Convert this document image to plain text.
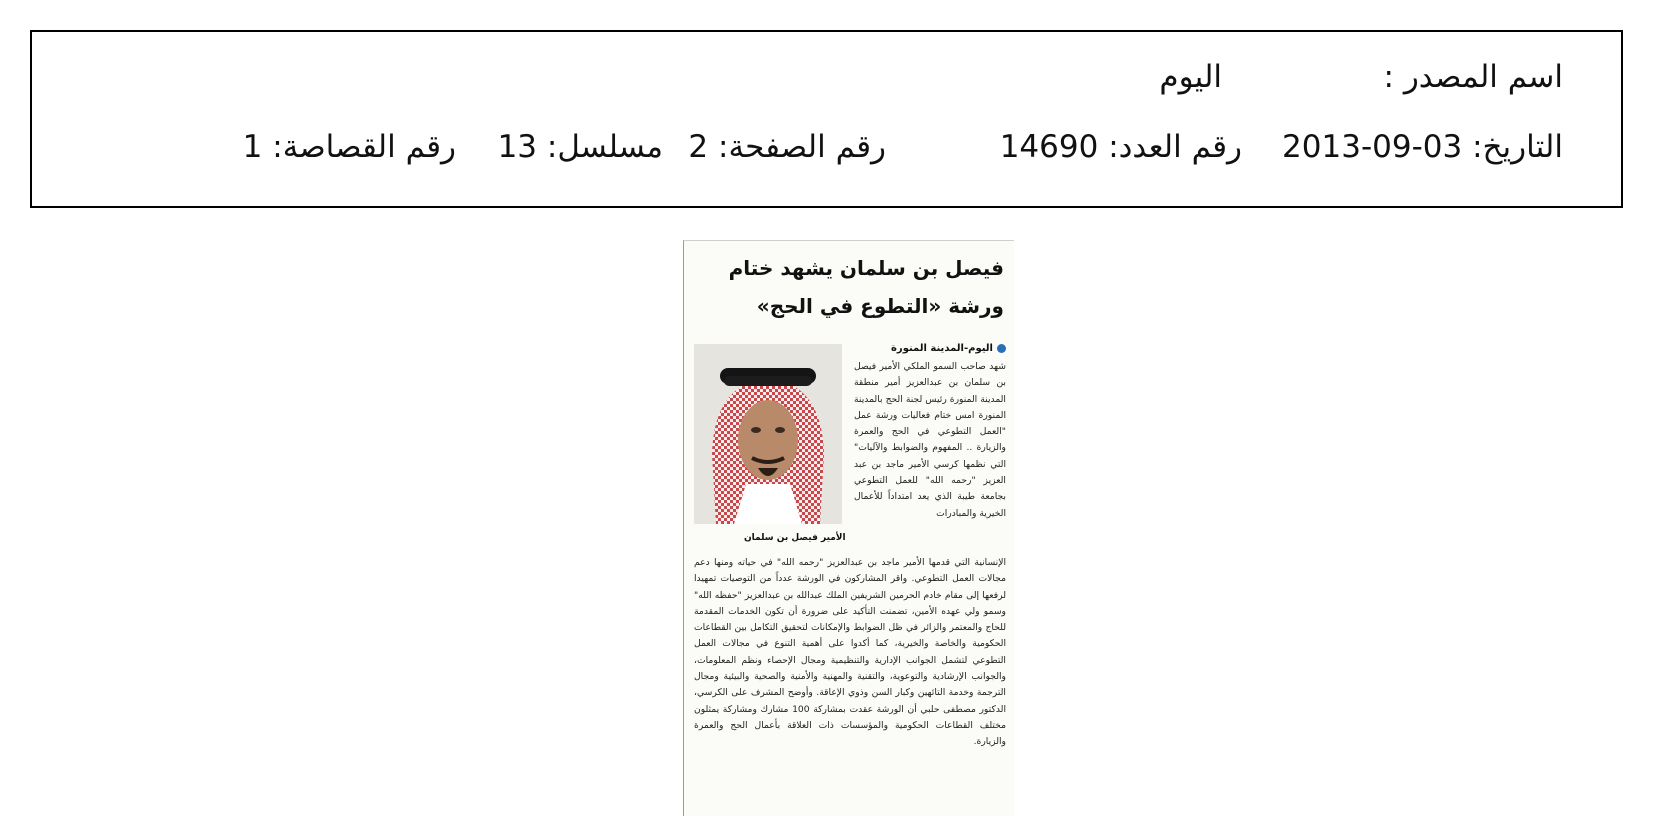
اسم المصدر :
اليوم
التاريخ: 2013-09-03
رقم العدد: 14690
رقم الصفحة: 2
مسلسل: 13
رقم القصاصة: 1
فيصل بن سلمان يشهد ختام ورشة «التطوع في الحج»
اليوم-المدينة المنورة
الأمير فيصل بن سلمان
شهد صاحب السمو الملكي الأمير فيصل بن سلمان بن عبدالعزيز أمير منطقة المدينة المنورة رئيس لجنة الحج بالمدينة المنورة امس ختام فعاليات ورشة عمل "العمل التطوعي في الحج والعمرة والزيارة .. المفهوم والضوابط والآليات" التي نظمها كرسي الأمير ماجد بن عبد العزيز "رحمه الله" للعمل التطوعي بجامعة طيبة الذي يعد امتداداً للأعمال الخيرية والمبادرات
الإنسانية التي قدمها الأمير ماجد بن عبدالعزيز "رحمه الله" في حياته ومنها دعم مجالات العمل التطوعي. واقر المشاركون في الورشة عدداً من التوصيات تمهيدا لرفعها إلى مقام خادم الحرمين الشريفين الملك عبدالله بن عبدالعزيز "حفظه الله" وسمو ولي عهده الأمين، تضمنت التأكيد على ضرورة أن تكون الخدمات المقدمة للحاج والمعتمر والزائر في ظل الضوابط والإمكانات لتحقيق التكامل بين القطاعات الحكومية والخاصة والخيرية، كما أكدوا على أهمية التنوع في مجالات العمل التطوعي لتشمل الجوانب الإدارية والتنظيمية ومجال الإحصاء ونظم المعلومات، والجوانب الإرشادية والتوعوية، والتقنية والمهنية والأمنية والصحية والبيئية ومجال الترجمة وخدمة التائهين وكبار السن وذوي الإعاقة. وأوضح المشرف على الكرسي، الدكتور مصطفى حلبي أن الورشة عقدت بمشاركة 100 مشارك ومشاركة يمثلون مختلف القطاعات الحكومية والمؤسسات ذات العلاقة بأعمال الحج والعمرة والزيارة.
